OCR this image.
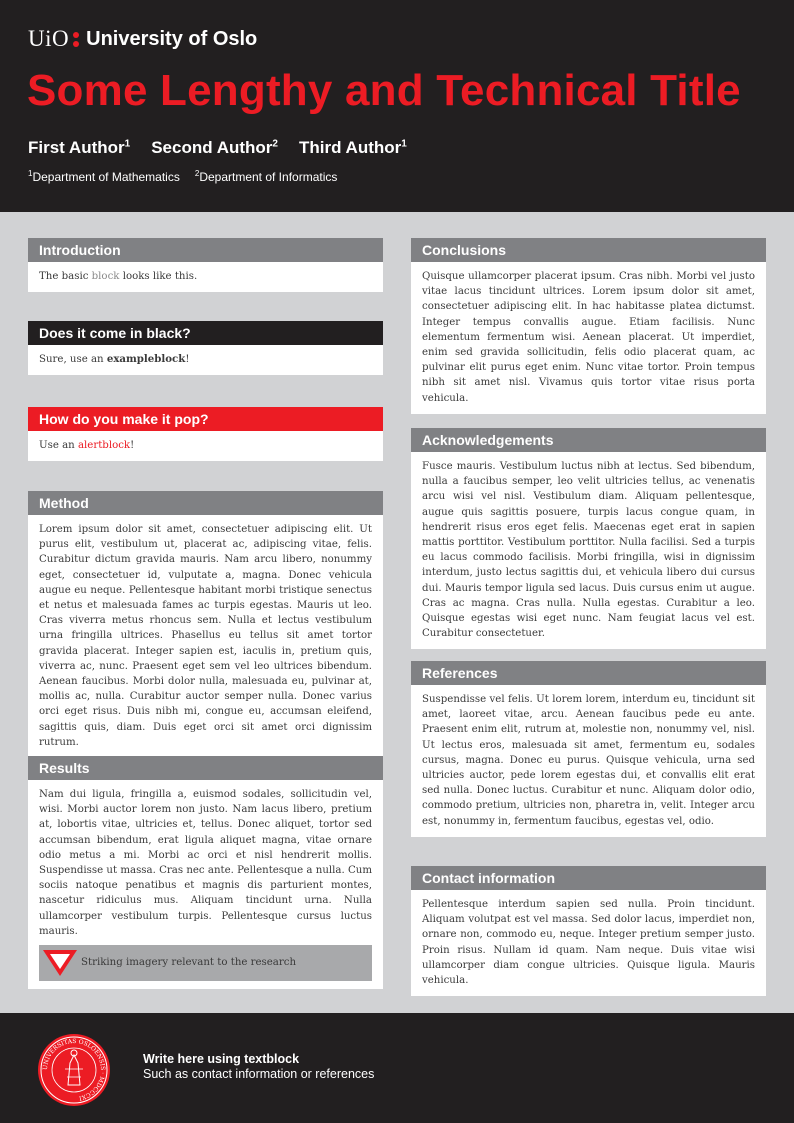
UiO University of Oslo
Some Lengthy and Technical Title
First Author$^1$ Second Author$^2$ Third Author$^1$
$^1$Department of Mathematics $^2$Department of Informatics
Introduction
The basic block looks like this.
Does it come in black?
Sure, use an exampleblock!
How do you make it pop?
Use an alertblock!
Method
Lorem ipsum dolor sit amet, consectetuer adipiscing elit. Ut purus elit, vestibulum ut, placerat ac, adipiscing vitae, felis. Curabitur dictum gravida mauris. Nam arcu libero, nonummy eget, consectetuer id, vulputate a, magna. Donec vehicula augue eu neque. Pellentesque habitant morbi tristique senectus et netus et malesuada fames ac turpis egestas. Mauris ut leo. Cras viverra metus rhoncus sem. Nulla et lectus vestibulum urna fringilla ultrices. Phasellus eu tellus sit amet tortor gravida placerat. Integer sapien est, iaculis in, pretium quis, viverra ac, nunc. Praesent eget sem vel leo ultrices bibendum. Aenean faucibus. Morbi dolor nulla, malesuada eu, pulvinar at, mollis ac, nulla. Curabitur auctor semper nulla. Donec varius orci eget risus. Duis nibh mi, congue eu, accumsan eleifend, sagittis quis, diam. Duis eget orci sit amet orci dignissim rutrum.
Results
Nam dui ligula, fringilla a, euismod sodales, sollicitudin vel, wisi. Morbi auctor lorem non justo. Nam lacus libero, pretium at, lobortis vitae, ultricies et, tellus. Donec aliquet, tortor sed accumsan bibendum, erat ligula aliquet magna, vitae ornare odio metus a mi. Morbi ac orci et nisl hendrerit mollis. Suspendisse ut massa. Cras nec ante. Pellentesque a nulla. Cum sociis natoque penatibus et magnis dis parturient montes, nascetur ridiculus mus. Aliquam tincidunt urna. Nulla ullamcorper vestibulum turpis. Pellentesque cursus luctus mauris.
Striking imagery relevant to the research
Conclusions
Quisque ullamcorper placerat ipsum. Cras nibh. Morbi vel justo vitae lacus tincidunt ultrices. Lorem ipsum dolor sit amet, consectetuer adipiscing elit. In hac habitasse platea dictumst. Integer tempus convallis augue. Etiam facilisis. Nunc elementum fermentum wisi. Aenean placerat. Ut imperdiet, enim sed gravida sollicitudin, felis odio placerat quam, ac pulvinar elit purus eget enim. Nunc vitae tortor. Proin tempus nibh sit amet nisl. Vivamus quis tortor vitae risus porta vehicula.
Acknowledgements
Fusce mauris. Vestibulum luctus nibh at lectus. Sed bibendum, nulla a faucibus semper, leo velit ultricies tellus, ac venenatis arcu wisi vel nisl. Vestibulum diam. Aliquam pellentesque, augue quis sagittis posuere, turpis lacus congue quam, in hendrerit risus eros eget felis. Maecenas eget erat in sapien mattis porttitor. Vestibulum porttitor. Nulla facilisi. Sed a turpis eu lacus commodo facilisis. Morbi fringilla, wisi in dignissim interdum, justo lectus sagittis dui, et vehicula libero dui cursus dui. Mauris tempor ligula sed lacus. Duis cursus enim ut augue. Cras ac magna. Cras nulla. Nulla egestas. Curabitur a leo. Quisque egestas wisi eget nunc. Nam feugiat lacus vel est. Curabitur consectetuer.
References
Suspendisse vel felis. Ut lorem lorem, interdum eu, tincidunt sit amet, laoreet vitae, arcu. Aenean faucibus pede eu ante. Praesent enim elit, rutrum at, molestie non, nonummy vel, nisl. Ut lectus eros, malesuada sit amet, fermentum eu, sodales cursus, magna. Donec eu purus. Quisque vehicula, urna sed ultricies auctor, pede lorem egestas dui, et convallis elit erat sed nulla. Donec luctus. Curabitur et nunc. Aliquam dolor odio, commodo pretium, ultricies non, pharetra in, velit. Integer arcu est, nonummy in, fermentum faucibus, egestas vel, odio.
Contact information
Pellentesque interdum sapien sed nulla. Proin tincidunt. Aliquam volutpat est vel massa. Sed dolor lacus, imperdiet non, ornare non, commodo eu, neque. Integer pretium semper justo. Proin risus. Nullam id quam. Nam neque. Duis vitae wisi ullamcorper diam congue ultricies. Quisque ligula. Mauris vehicula.
UNIVERSITAS OSLOENSIS · MDCCCXI
Write here using textblock
Such as contact information or references
